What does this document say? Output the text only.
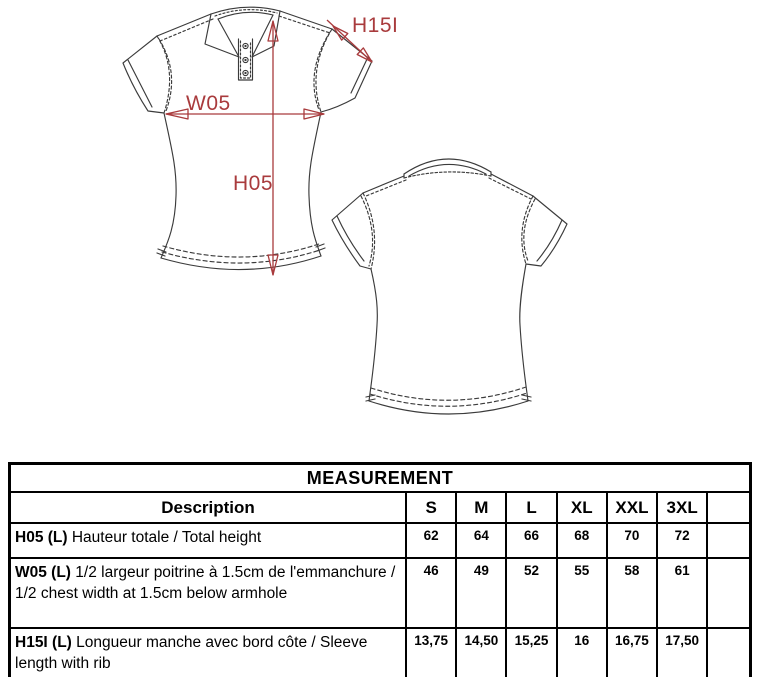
H05
W05
H15I
MEASUREMENT							
Description	S	M	L	XL	XXL	3XL	
H05 (L) Hauteur totale / Total height	62	64	66	68	70	72	
W05 (L) 1/2 largeur poitrine à 1.5cm de l'emmanchure / 1/2 chest width at 1.5cm below armhole	46	49	52	55	58	61	
H15I (L) Longueur manche avec bord côte / Sleeve length with rib	13,75	14,50	15,25	16	16,75	17,50	
